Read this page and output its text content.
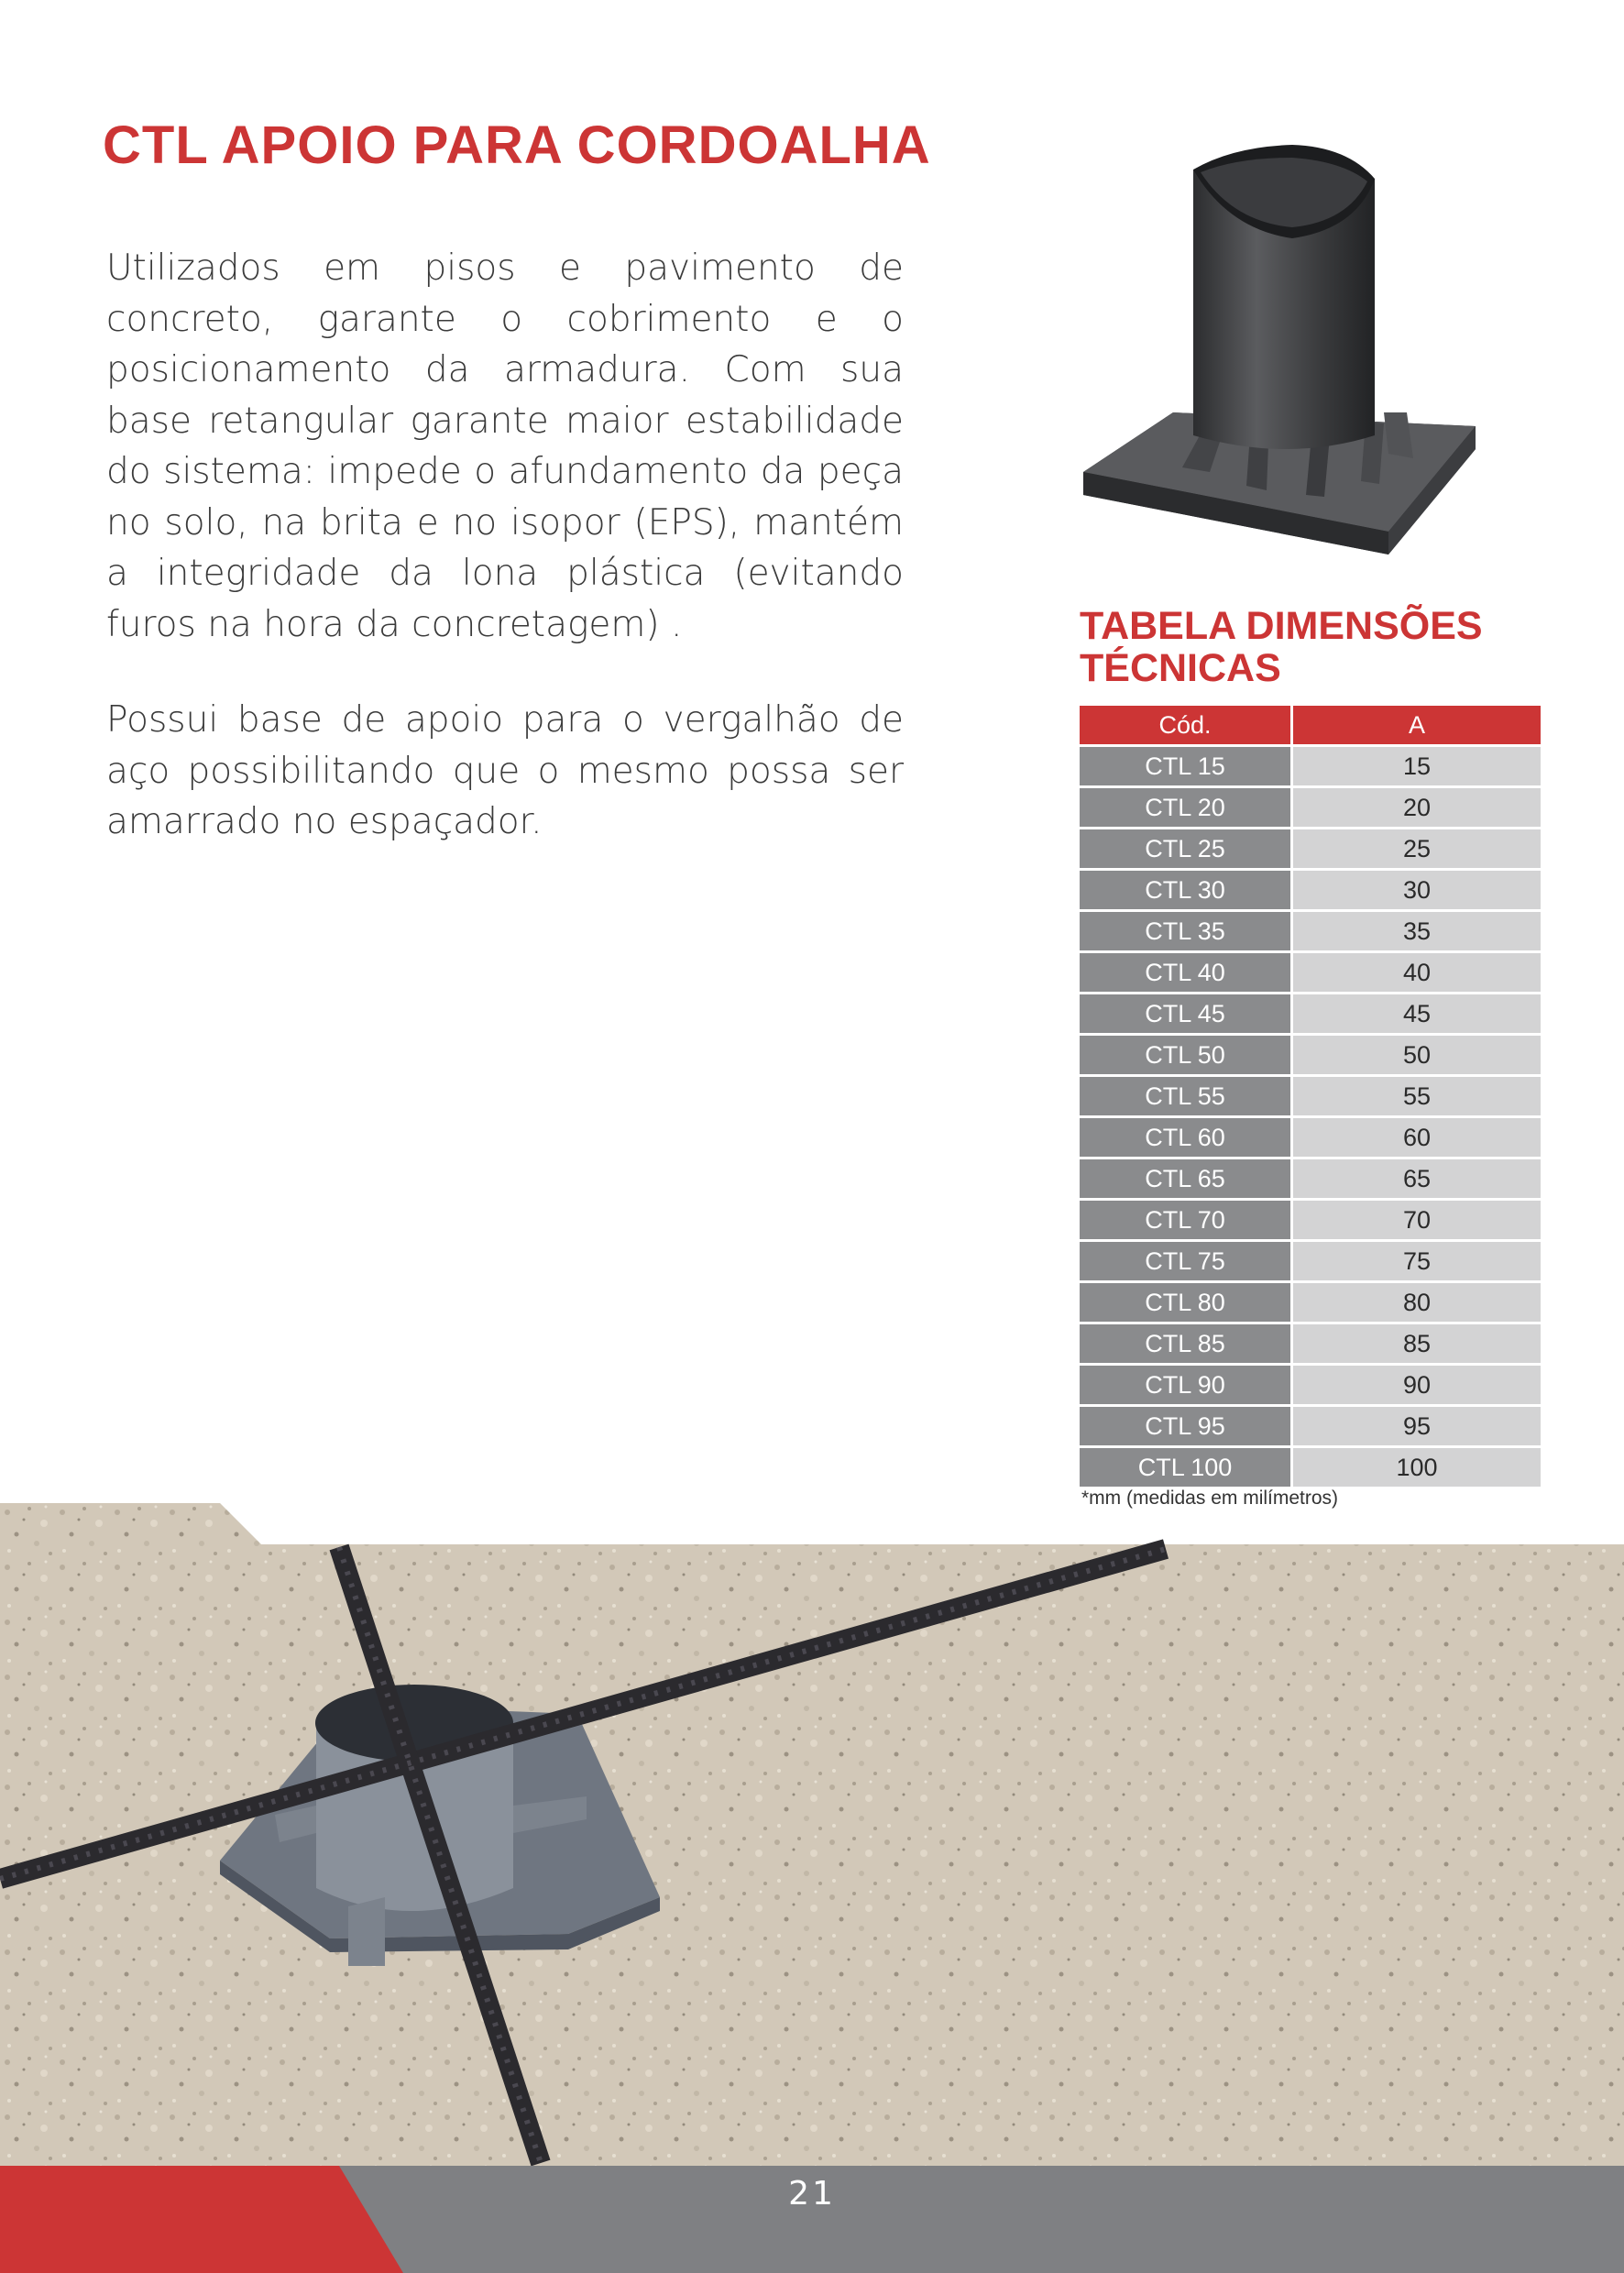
CTL APOIO PARA CORDOALHA

Utilizados em pisos e pavimento de concreto, garante o cobrimento e o posicionamento da armadura. Com sua base retangular garante maior estabilidade do sistema: impede o afundamento da peça no solo, na brita e no isopor (EPS), mantém a integridade da lona plástica (evitando furos na hora da concretagem) .

Possui base de apoio para o vergalhão de aço possibilitando que o mesmo possa ser amarrado no espaçador.

TABELA DIMENSÕES
TÉCNICAS
Cód.	A
CTL 15	15
CTL 20	20
CTL 25	25
CTL 30	30
CTL 35	35
CTL 40	40
CTL 45	45
CTL 50	50
CTL 55	55
CTL 60	60
CTL 65	65
CTL 70	70
CTL 75	75
CTL 80	80
CTL 85	85
CTL 90	90
CTL 95	95
CTL 100	100
*mm (medidas em milímetros)
21
